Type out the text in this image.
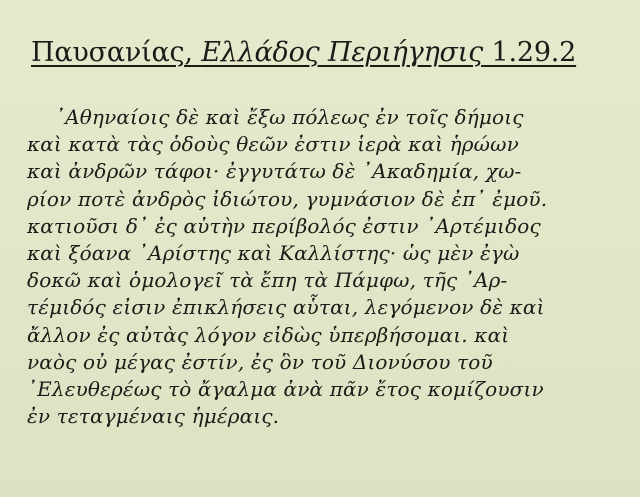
Παυσανίας, Ελλάδος Περιήγησις 1.29.2
᾿Αθηναίοις δὲ καὶ ἔξω πόλεως ἐν τοῖς δήμοις
καὶ κατὰ τὰς ὁδοὺς θεῶν ἐστιν ἱερὰ καὶ ἡρώων
καὶ ἀνδρῶν τάφοι· ἐγγυτάτω δὲ ᾿Ακαδημία, χω-
ρίον ποτὲ ἀνδρὸς ἰδιώτου, γυμνάσιον δὲ ἐπ᾿ ἐμοῦ.
κατιοῦσι δ᾿ ἐς αὐτὴν περίβολός ἐστιν ᾿Αρτέμιδος
καὶ ξόανα ᾿Αρίστης καὶ Καλλίστης· ὡς μὲν ἐγὼ
δοκῶ καὶ ὁμολογεῖ τὰ ἔπη τὰ Πάμφω, τῆς ᾿Αρ-
τέμιδός εἰσιν ἐπικλήσεις αὗται, λεγόμενον δὲ καὶ
ἄλλον ἐς αὐτὰς λόγον εἰδὼς ὑπερβήσομαι. καὶ
ναὸς οὐ μέγας ἐστίν, ἐς ὃν τοῦ Διονύσου τοῦ
᾿Ελευθερέως τὸ ἄγαλμα ἀνὰ πᾶν ἔτος κομίζουσιν
ἐν τεταγμέναις ἡμέραις.
